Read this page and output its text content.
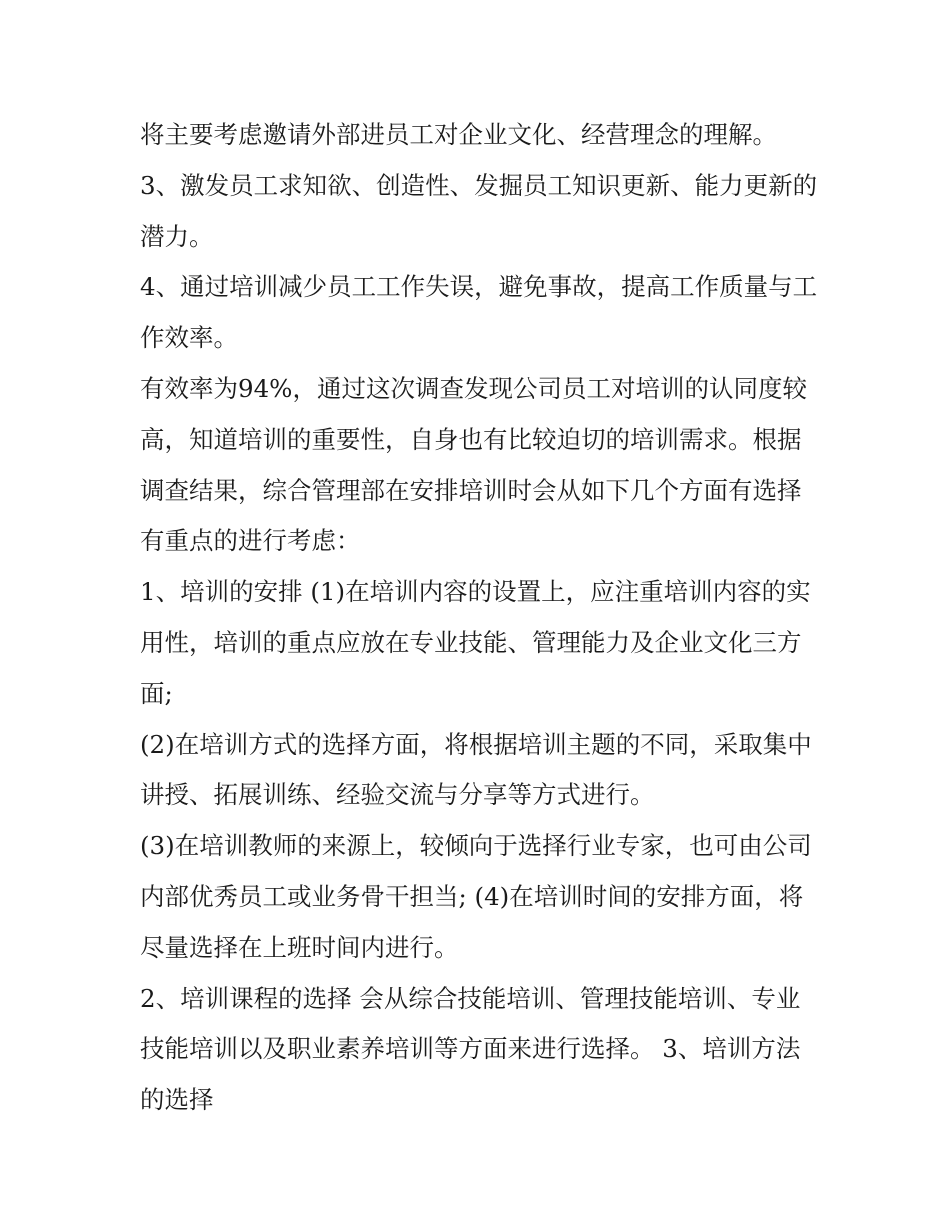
将主要考虑邀请外部进员工对企业文化、经营理念的理解。

3、激发员工求知欲、创造性、发掘员工知识更新、能力更新的潜力。

4、通过培训减少员工工作失误，避免事故，提高工作质量与工作效率。

有效率为94%，通过这次调查发现公司员工对培训的认同度较高，知道培训的重要性，自身也有比较迫切的培训需求。根据调查结果，综合管理部在安排培训时会从如下几个方面有选择有重点的进行考虑：

1、培训的安排 (1)在培训内容的设置上，应注重培训内容的实用性，培训的重点应放在专业技能、管理能力及企业文化三方面;

(2)在培训方式的选择方面，将根据培训主题的不同，采取集中讲授、拓展训练、经验交流与分享等方式进行。

(3)在培训教师的来源上，较倾向于选择行业专家，也可由公司内部优秀员工或业务骨干担当; (4)在培训时间的安排方面，将尽量选择在上班时间内进行。

2、培训课程的选择 会从综合技能培训、管理技能培训、专业技能培训以及职业素养培训等方面来进行选择。 3、培训方法的选择
